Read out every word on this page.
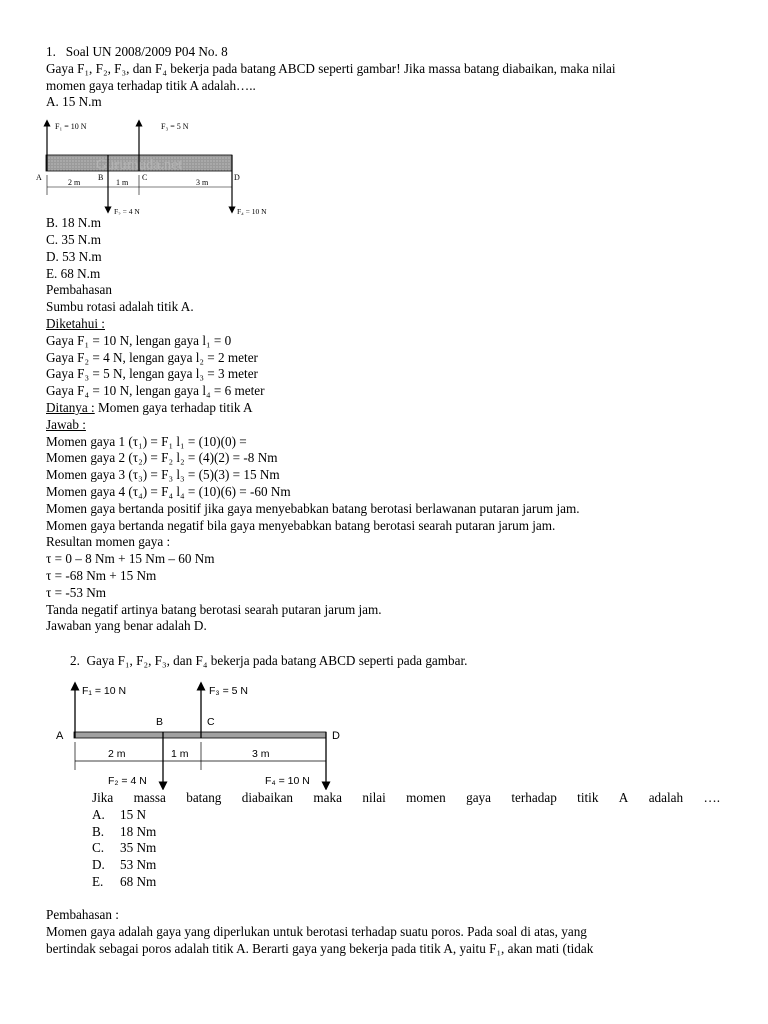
1. Soal UN 2008/2009 P04 No. 8
Gaya F₁, F₂, F₃, dan F₄ bekerja pada batang ABCD seperti gambar! Jika massa batang diabaikan, maka nilai
momen gaya terhadap titik A adalah…..
A. 15 N.m
Gurumuda.net
F₁ = 10 N	F₃ = 5 N
F₂ = 4 N	F₄ = 10 N
A	B	C	D
2 m	1 m	3 m
B. 18 N.m
C. 35 N.m
D. 53 N.m
E. 68 N.m
Pembahasan
Sumbu rotasi adalah titik A.
Diketahui :
Gaya F₁ = 10 N, lengan gaya l₁ = 0
Gaya F₂ = 4 N, lengan gaya l₂ = 2 meter
Gaya F₃ = 5 N, lengan gaya l₃ = 3 meter
Gaya F₄ = 10 N, lengan gaya l₄ = 6 meter
Ditanya : Momen gaya terhadap titik A
Jawab :
Momen gaya 1 (τ₁) = F₁ l₁ = (10)(0) =
Momen gaya 2 (τ₂) = F₂ l₂ = (4)(2) = -8 Nm
Momen gaya 3 (τ₃) = F₃ l₃ = (5)(3) = 15 Nm
Momen gaya 4 (τ₄) = F₄ l₄ = (10)(6) = -60 Nm
Momen gaya bertanda positif jika gaya menyebabkan batang berotasi berlawanan putaran jarum jam.
Momen gaya bertanda negatif bila gaya menyebabkan batang berotasi searah putaran jarum jam.
Resultan momen gaya :
τ = 0 – 8 Nm + 15 Nm – 60 Nm
τ = -68 Nm + 15 Nm
τ = -53 Nm
Tanda negatif artinya batang berotasi searah putaran jarum jam.
Jawaban yang benar adalah D.
2. Gaya F₁, F₂, F₃, dan F₄ bekerja pada batang ABCD seperti pada gambar.
F₁ = 10 N	F₃ = 5 N
F₂ = 4 N	F₄ = 10 N
A
B	C
D
2 m	1 m	3 m
Jika massa batang diabaikan maka nilai momen gaya terhadap titik A adalah ….
A.	15 N
B.	18 Nm
C.	35 Nm
D.	53 Nm
E.	68 Nm
Pembahasan :
Momen gaya adalah gaya yang diperlukan untuk berotasi terhadap suatu poros. Pada soal di atas, yang
bertindak sebagai poros adalah titik A. Berarti gaya yang bekerja pada titik A, yaitu F₁, akan mati (tidak
